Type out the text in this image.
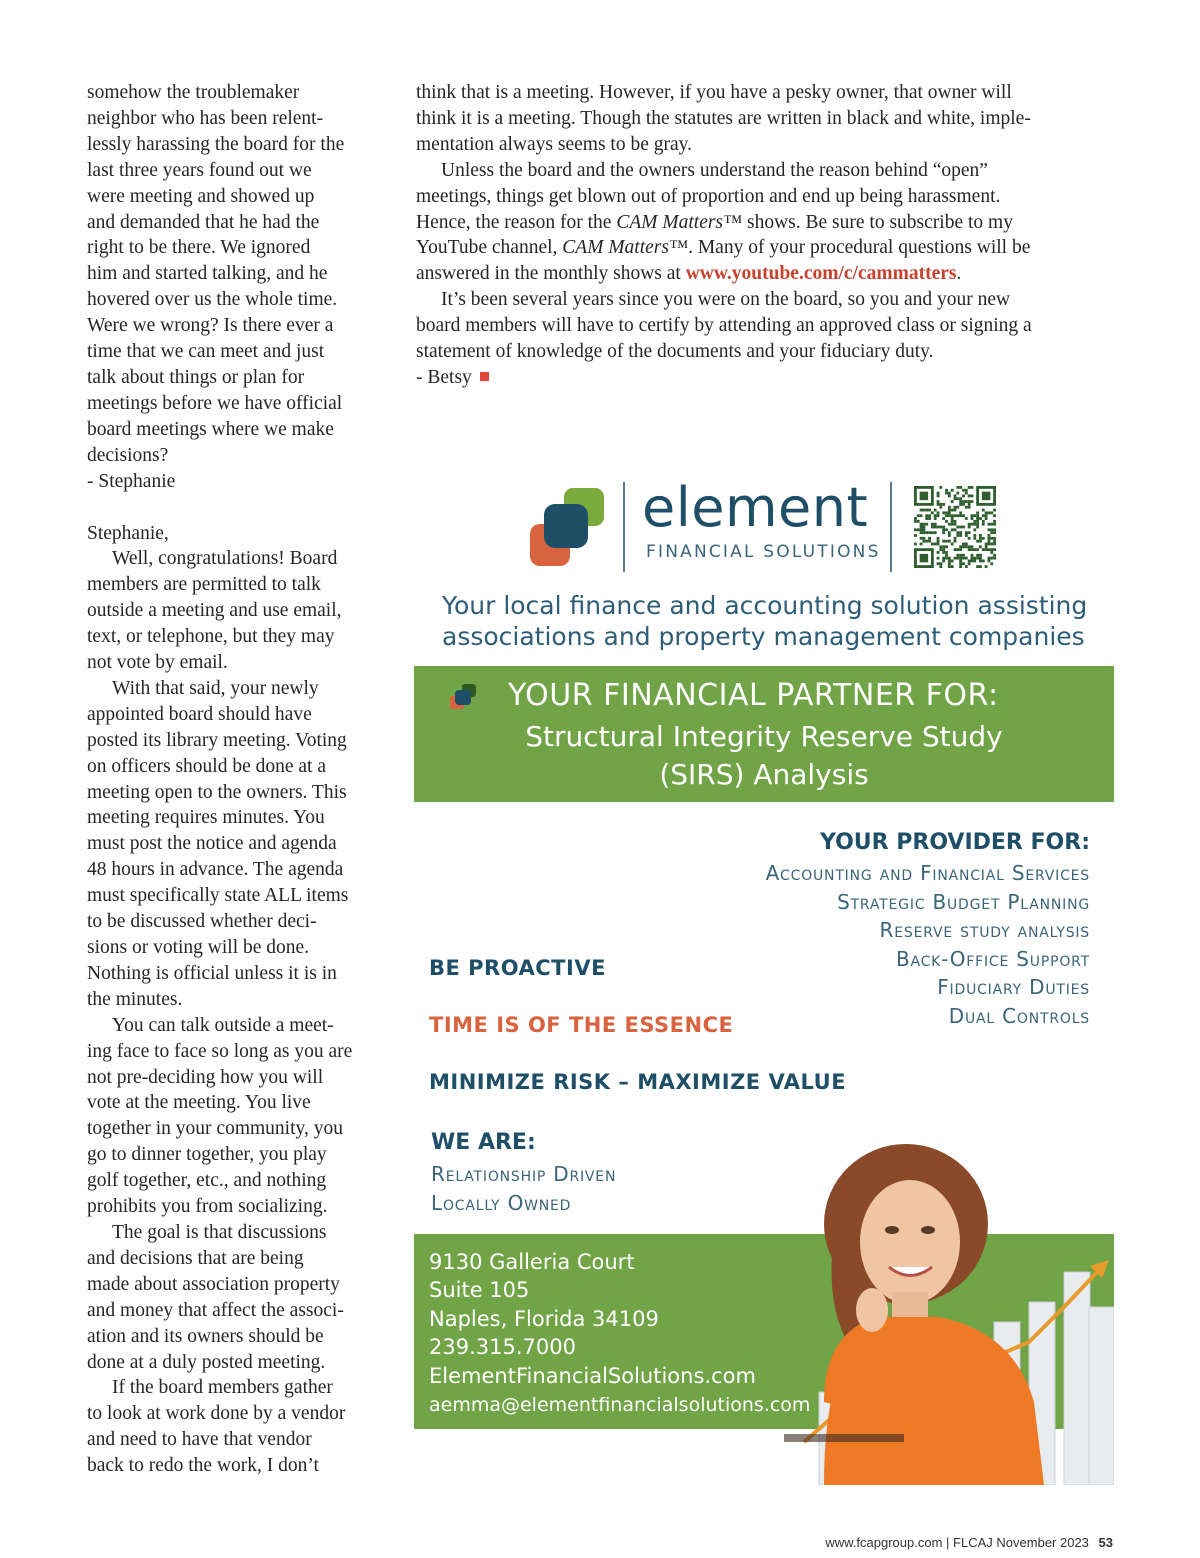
somehow the troublemaker
neighbor who has been relent-
lessly harassing the board for the
last three years found out we
were meeting and showed up
and demanded that he had the
right to be there. We ignored
him and started talking, and he
hovered over us the whole time.
Were we wrong? Is there ever a
time that we can meet and just
talk about things or plan for
meetings before we have official
board meetings where we make
decisions?
- Stephanie
Stephanie,
Well, congratulations! Board
members are permitted to talk
outside a meeting and use email,
text, or telephone, but they may
not vote by email.
With that said, your newly
appointed board should have
posted its library meeting. Voting
on officers should be done at a
meeting open to the owners. This
meeting requires minutes. You
must post the notice and agenda
48 hours in advance. The agenda
must specifically state ALL items
to be discussed whether deci-
sions or voting will be done.
Nothing is official unless it is in
the minutes.
You can talk outside a meet-
ing face to face so long as you are
not pre-deciding how you will
vote at the meeting. You live
together in your community, you
go to dinner together, you play
golf together, etc., and nothing
prohibits you from socializing.
The goal is that discussions
and decisions that are being
made about association property
and money that affect the associ-
ation and its owners should be
done at a duly posted meeting.
If the board members gather
to look at work done by a vendor
and need to have that vendor
back to redo the work, I don’t
think that is a meeting. However, if you have a pesky owner, that owner will
think it is a meeting. Though the statutes are written in black and white, imple-
mentation always seems to be gray.
Unless the board and the owners understand the reason behind “open”
meetings, things get blown out of proportion and end up being harassment.
Hence, the reason for the CAM Matters™ shows. Be sure to subscribe to my
YouTube channel, CAM Matters™. Many of your procedural questions will be
answered in the monthly shows at www.youtube.com/c/cammatters.
It’s been several years since you were on the board, so you and your new
board members will have to certify by attending an approved class or signing a
statement of knowledge of the documents and your fiduciary duty.
- Betsy
element
FINANCIAL SOLUTIONS
Your local finance and accounting solution assisting
associations and property management companies
YOUR FINANCIAL PARTNER FOR:
Structural Integrity Reserve Study
(SIRS) Analysis
YOUR PROVIDER FOR:
Accounting and Financial Services
Strategic Budget Planning
Reserve study analysis
Back-Office Support
Fiduciary Duties
Dual Controls
BE PROACTIVE
TIME IS OF THE ESSENCE
MINIMIZE RISK – MAXIMIZE VALUE
WE ARE:
Relationship Driven
Locally Owned
9130 Galleria Court
Suite 105
Naples, Florida 34109
239.315.7000
ElementFinancialSolutions.com
aemma@elementfinancialsolutions.com
www.fcapgroup.com | FLCAJ November 2023 53
